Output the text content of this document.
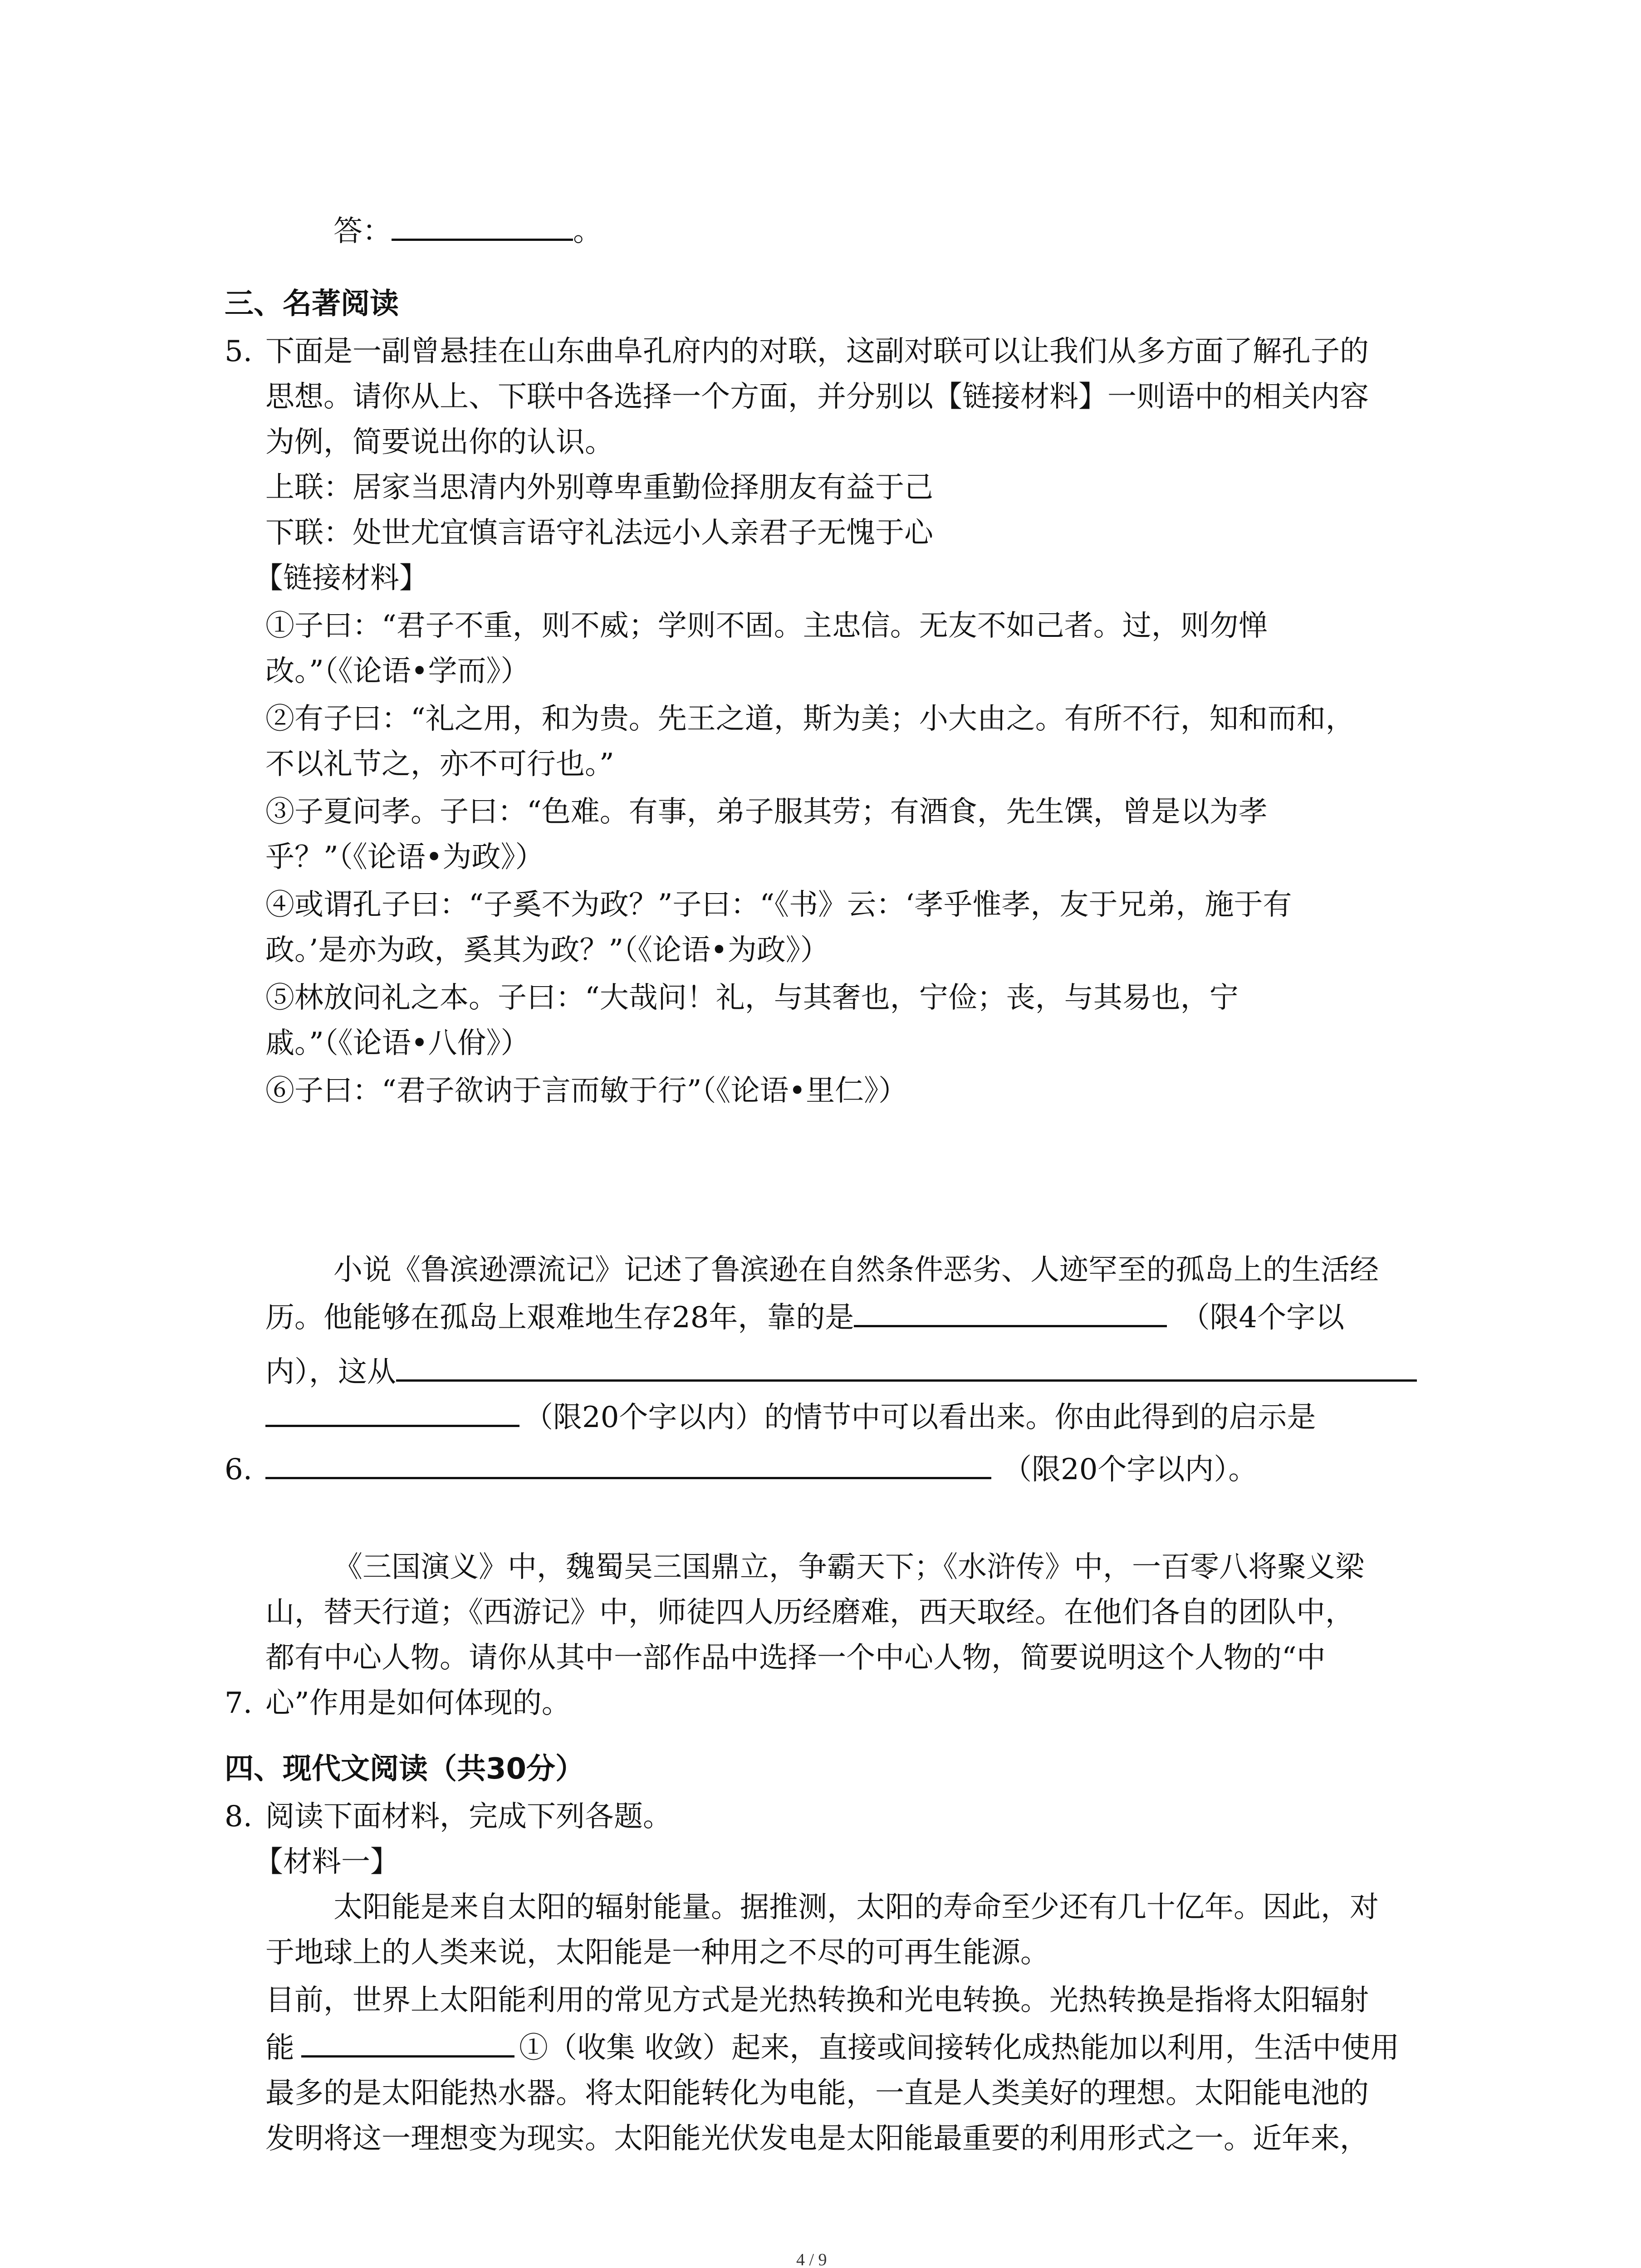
答：	。
三、名著阅读
5. 下面是一副曾悬挂在山东曲阜孔府内的对联，这副对联可以让我们从多方面了解孔子的
思想。请你从上、下联中各选择一个方面，并分别以【链接材料】一则语中的相关内容
为例，简要说出你的认识。
上联：居家当思清内外别尊卑重勤俭择朋友有益于己
下联：处世尤宜慎言语守礼法远小人亲君子无愧于心
【链接材料】
①子曰：“君子不重，则不威；学则不固。主忠信。无友不如己者。过，则勿惮
改。”（《论语•学而》）
②有子曰：“礼之用，和为贵。先王之道，斯为美；小大由之。有所不行，知和而和，
不以礼节之，亦不可行也。”
③子夏问孝。子曰：“色难。有事，弟子服其劳；有酒食，先生馔，曾是以为孝
乎？”（《论语•为政》）
④或谓孔子曰：“子奚不为政？”子曰：“《书》云：‘孝乎惟孝，友于兄弟，施于有
政。’是亦为政，奚其为政？”（《论语•为政》）
⑤林放问礼之本。子曰：“大哉问！礼，与其奢也，宁俭；丧，与其易也，宁
戚。”（《论语•八佾》）
⑥子曰：“君子欲讷于言而敏于行”（《论语•里仁》）
小说《鲁滨逊漂流记》记述了鲁滨逊在自然条件恶劣、人迹罕至的孤岛上的生活经
历。他能够在孤岛上艰难地生存28年，靠的是	（限4个字以
内），这从
（限20个字以内）的情节中可以看出来。你由此得到的启示是
6.	（限20个字以内）。
《三国演义》中，魏蜀吴三国鼎立，争霸天下；《水浒传》中，一百零八将聚义梁
山，替天行道；《西游记》中，师徒四人历经磨难，西天取经。在他们各自的团队中，
都有中心人物。请你从其中一部作品中选择一个中心人物，简要说明这个人物的“中
7. 心”作用是如何体现的。
四、现代文阅读（共30分）
8. 阅读下面材料，完成下列各题。
【材料一】
太阳能是来自太阳的辐射能量。据推测，太阳的寿命至少还有几十亿年。因此，对
于地球上的人类来说，太阳能是一种用之不尽的可再生能源。
目前，世界上太阳能利用的常见方式是光热转换和光电转换。光热转换是指将太阳辐射
能	①（收集 收敛）起来，直接或间接转化成热能加以利用，生活中使用
最多的是太阳能热水器。将太阳能转化为电能，一直是人类美好的理想。太阳能电池的
发明将这一理想变为现实。太阳能光伏发电是太阳能最重要的利用形式之一。近年来，
4 / 9
